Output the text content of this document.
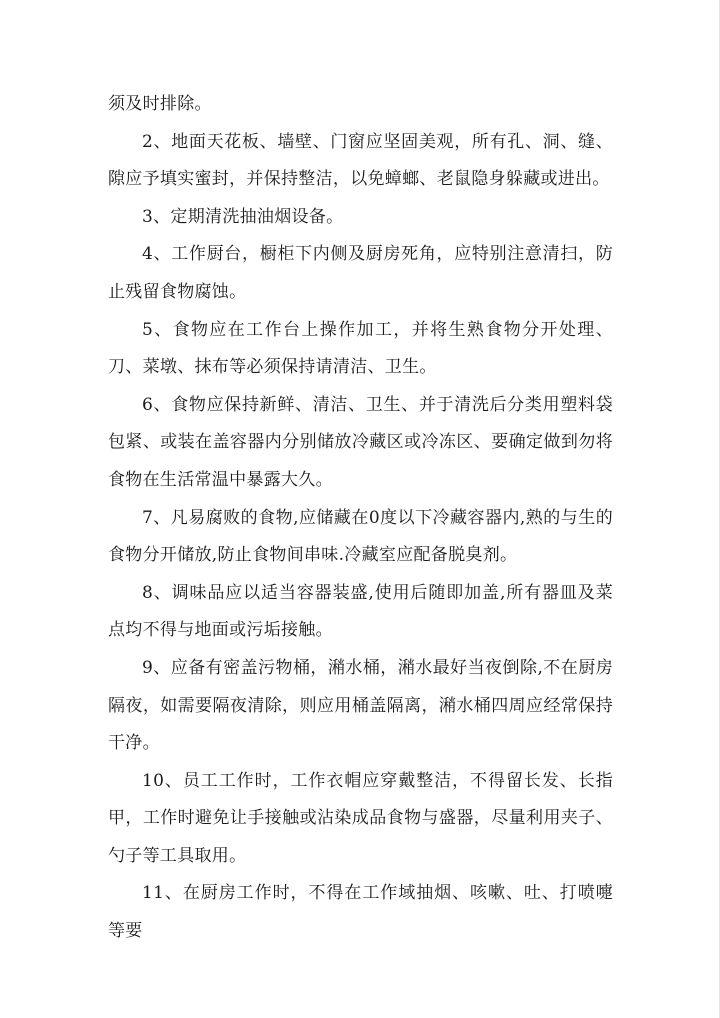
须及时排除。

2、地面天花板、墙壁、门窗应坚固美观，所有孔、洞、缝、隙应予填实蜜封，并保持整洁，以免蟑螂、老鼠隐身躲藏或进出。

3、定期清洗抽油烟设备。

4、工作厨台，橱柜下内侧及厨房死角，应特别注意清扫，防止残留食物腐蚀。

5、食物应在工作台上操作加工，并将生熟食物分开处理、刀、菜墩、抹布等必须保持请清洁、卫生。

6、食物应保持新鲜、清洁、卫生、并于清洗后分类用塑料袋包紧、或装在盖容器内分别储放冷藏区或冷冻区、要确定做到勿将食物在生活常温中暴露大久。

7、凡易腐败的食物,应储藏在0度以下冷藏容器内,熟的与生的食物分开储放,防止食物间串味.冷藏室应配备脱臭剂。

8、调味品应以适当容器装盛,使用后随即加盖,所有器皿及菜点均不得与地面或污垢接触。

9、应备有密盖污物桶，潲水桶，潲水最好当夜倒除,不在厨房隔夜，如需要隔夜清除，则应用桶盖隔离，潲水桶四周应经常保持干净。

10、员工工作时，工作衣帽应穿戴整洁，不得留长发、长指甲，工作时避免让手接触或沾染成品食物与盛器，尽量利用夹子、勺子等工具取用。

11、在厨房工作时，不得在工作域抽烟、咳嗽、吐、打喷嚏等要
